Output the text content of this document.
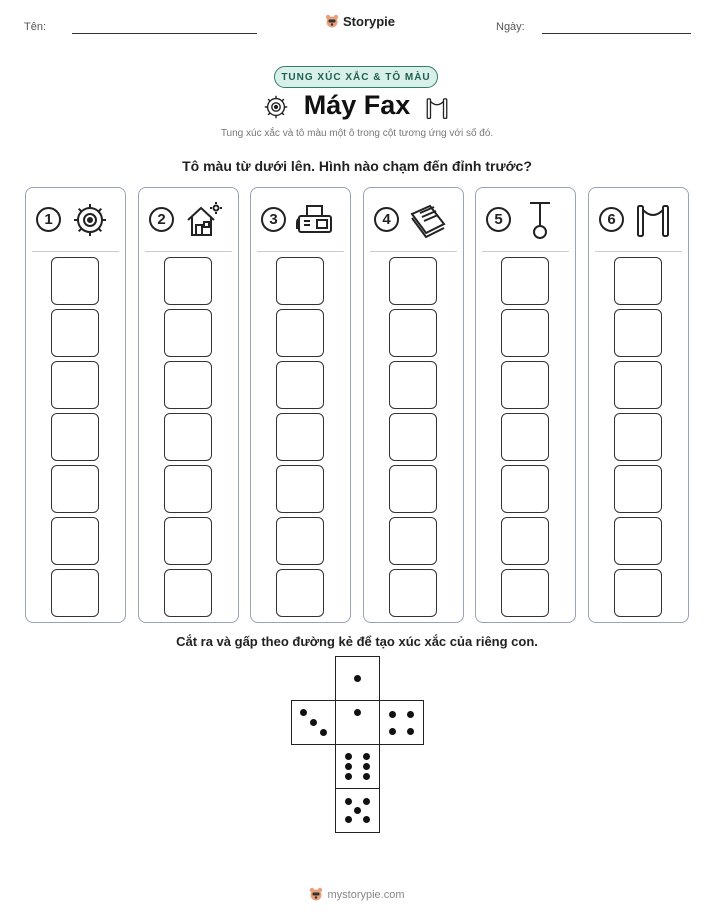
Tên:	Storypie	Ngày:
TUNG XÚC XẮC & TÔ MÀU
Máy Fax
Tung xúc xắc và tô màu một ô trong cột tương ứng với số đó.
Tô màu từ dưới lên. Hình nào chạm đến đỉnh trước?
1	2	3	4	5	6
Cắt ra và gấp theo đường kẻ để tạo xúc xắc của riêng con.
mystorypie.com
